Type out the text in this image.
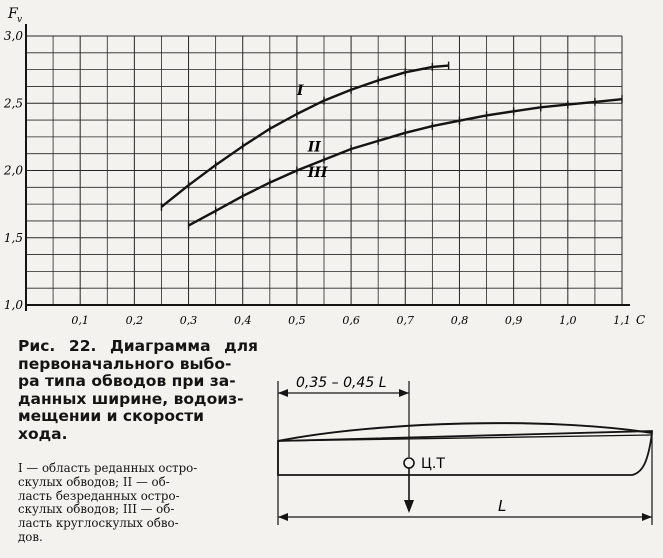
F v
1,0
1,5
2,0
2,5
3,0
0,1	0,2	0,3	0,4	0,5	0,6	0,7	0,8	0,9	1,0	1,1 С
I
II
III
Рис. 22. Диаграмма для первоначального выбо-
ра типа обводов при за-
данных ширине, водоиз-
мещении и скорости
хода.
I — область реданных остро-
скулых обводов; II — об-
ласть безреданных остро-
скулых обводов; III — об-
ласть круглоскулых обво-
дов.
0,35 – 0,45 L
Ц.Т
L
